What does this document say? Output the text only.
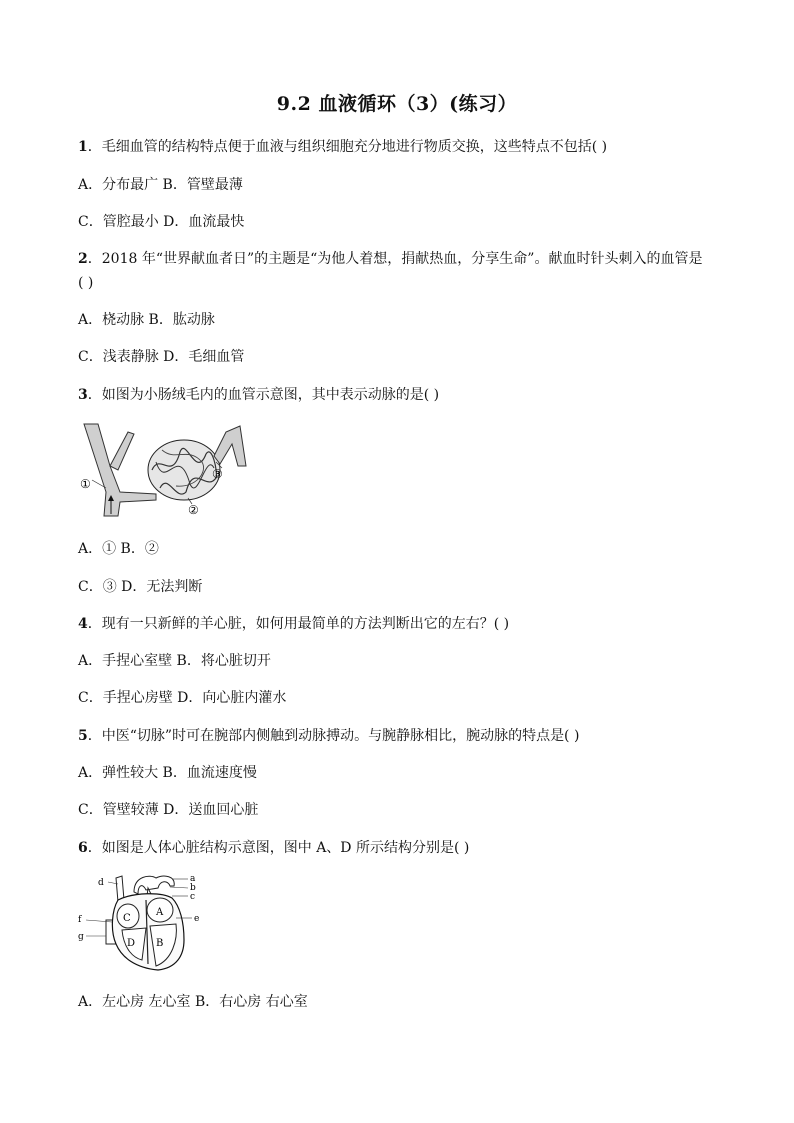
9.2 血液循环（3）(练习）
1．毛细血管的结构特点便于血液与组织细胞充分地进行物质交换，这些特点不包括( )
A．分布最广 B．管壁最薄
C．管腔最小 D．血流最快
2．2018 年“世界献血者日”的主题是“为他人着想，捐献热血，分享生命”。献血时针头刺入的血管是
( )
A．桡动脉 B．肱动脉
C．浅表静脉 D．毛细血管
3．如图为小肠绒毛内的血管示意图，其中表示动脉的是( )
①
②
③
A．① B．②
C．③ D．无法判断
4．现有一只新鲜的羊心脏，如何用最简单的方法判断出它的左右？( )
A．手捏心室壁 B．将心脏切开
C．手捏心房壁 D．向心脏内灌水
5．中医“切脉”时可在腕部内侧触到动脉搏动。与腕静脉相比，腕动脉的特点是( )
A．弹性较大 B．血流速度慢
C．管壁较薄 D．送血回心脏
6．如图是人体心脏结构示意图，图中 A、D 所示结构分别是( )
C
A
D B
d	a
b
c
e
f
g
A．左心房 左心室 B．右心房 右心室
